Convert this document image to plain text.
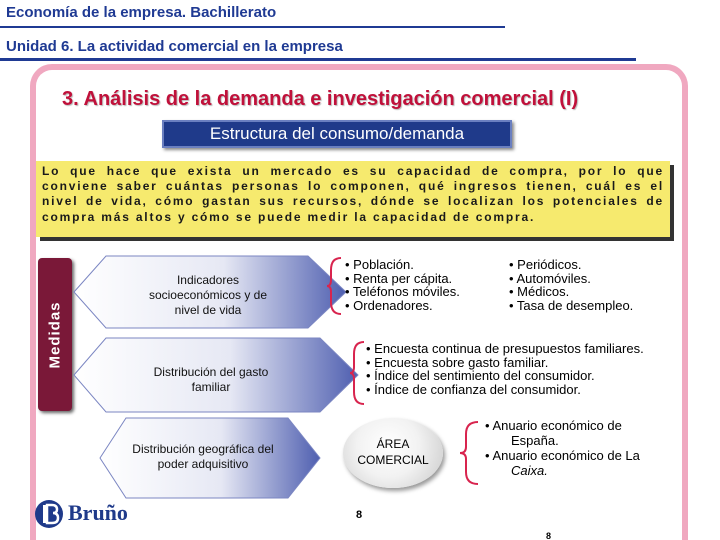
Economía de la empresa. Bachillerato
Unidad 6. La actividad comercial en la empresa
3. Análisis de la demanda e investigación comercial (I)
Estructura del consumo/demanda
Lo que hace que exista un mercado es su capacidad de compra, por lo que conviene saber cuántas personas lo componen, qué ingresos tienen, cuál es el nivel de vida, cómo gastan sus recursos, dónde se localizan los potenciales de compra más altos y cómo se puede medir la capacidad de compra.
Medidas
Indicadores socioeconómicos y de nivel de vida
• Población.
• Renta per cápita.
• Teléfonos móviles.
• Ordenadores.
• Periódicos.
• Automóviles.
• Médicos.
• Tasa de desempleo.
Distribución del gasto familiar
• Encuesta continua de presupuestos familiares.
• Encuesta sobre gasto familiar.
• Índice del sentimiento del consumidor.
• Índice de confianza del consumidor.
Distribución geográfica del poder adquisitivo
ÁREA
COMERCIAL
• Anuario económico de
España.
• Anuario económico de La
Caixa.
Bruño	8
8
